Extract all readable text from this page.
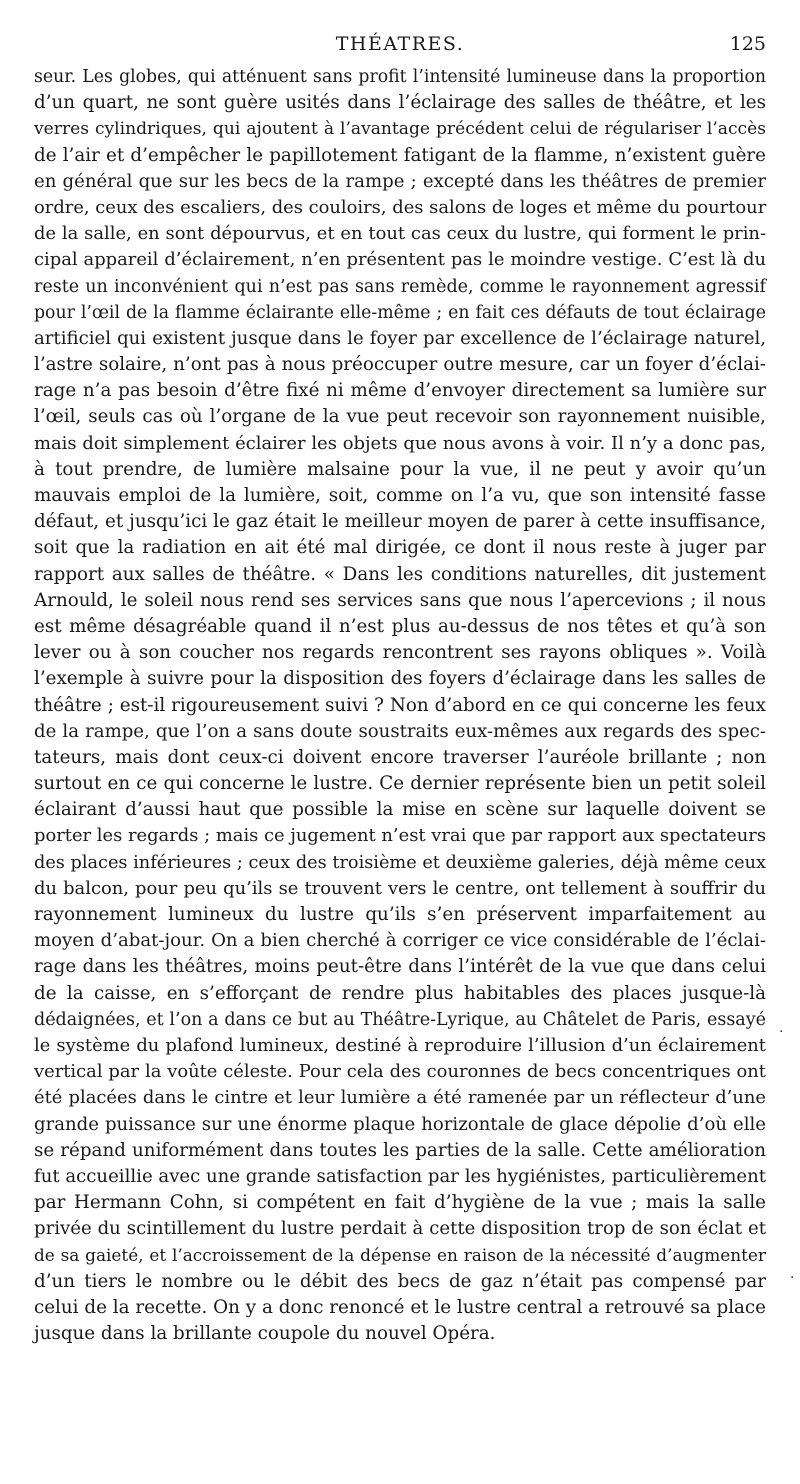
THÉATRES.	125
seur. Les globes, qui atténuent sans profit l’intensité lumineuse dans la proportion
d’un quart, ne sont guère usités dans l’éclairage des salles de théâtre, et les
verres cylindriques, qui ajoutent à l’avantage précédent celui de régulariser l’accès
de l’air et d’empêcher le papillotement fatigant de la flamme, n’existent guère
en général que sur les becs de la rampe ; excepté dans les théâtres de premier
ordre, ceux des escaliers, des couloirs, des salons de loges et même du pourtour
de la salle, en sont dépourvus, et en tout cas ceux du lustre, qui forment le prin-
cipal appareil d’éclairement, n’en présentent pas le moindre vestige. C’est là du
reste un inconvénient qui n’est pas sans remède, comme le rayonnement agressif
pour l’œil de la flamme éclairante elle-même ; en fait ces défauts de tout éclairage
artificiel qui existent jusque dans le foyer par excellence de l’éclairage naturel,
l’astre solaire, n’ont pas à nous préoccuper outre mesure, car un foyer d’éclai-
rage n’a pas besoin d’être fixé ni même d’envoyer directement sa lumière sur
l’œil, seuls cas où l’organe de la vue peut recevoir son rayonnement nuisible,
mais doit simplement éclairer les objets que nous avons à voir. Il n’y a donc pas,
à tout prendre, de lumière malsaine pour la vue, il ne peut y avoir qu’un
mauvais emploi de la lumière, soit, comme on l’a vu, que son intensité fasse
défaut, et jusqu’ici le gaz était le meilleur moyen de parer à cette insuffisance,
soit que la radiation en ait été mal dirigée, ce dont il nous reste à juger par
rapport aux salles de théâtre. « Dans les conditions naturelles, dit justement
Arnould, le soleil nous rend ses services sans que nous l’apercevions ; il nous
est même désagréable quand il n’est plus au-dessus de nos têtes et qu’à son
lever ou à son coucher nos regards rencontrent ses rayons obliques ». Voilà
l’exemple à suivre pour la disposition des foyers d’éclairage dans les salles de
théâtre ; est-il rigoureusement suivi ? Non d’abord en ce qui concerne les feux
de la rampe, que l’on a sans doute soustraits eux-mêmes aux regards des spec-
tateurs, mais dont ceux-ci doivent encore traverser l’auréole brillante ; non
surtout en ce qui concerne le lustre. Ce dernier représente bien un petit soleil
éclairant d’aussi haut que possible la mise en scène sur laquelle doivent se
porter les regards ; mais ce jugement n’est vrai que par rapport aux spectateurs
des places inférieures ; ceux des troisième et deuxième galeries, déjà même ceux
du balcon, pour peu qu’ils se trouvent vers le centre, ont tellement à souffrir du
rayonnement lumineux du lustre qu’ils s’en préservent imparfaitement au
moyen d’abat-jour. On a bien cherché à corriger ce vice considérable de l’éclai-
rage dans les théâtres, moins peut-être dans l’intérêt de la vue que dans celui
de la caisse, en s’efforçant de rendre plus habitables des places jusque-là
dédaignées, et l’on a dans ce but au Théâtre-Lyrique, au Châtelet de Paris, essayé
le système du plafond lumineux, destiné à reproduire l’illusion d’un éclairement
vertical par la voûte céleste. Pour cela des couronnes de becs concentriques ont
été placées dans le cintre et leur lumière a été ramenée par un réflecteur d’une
grande puissance sur une énorme plaque horizontale de glace dépolie d’où elle
se répand uniformément dans toutes les parties de la salle. Cette amélioration
fut accueillie avec une grande satisfaction par les hygiénistes, particulièrement
par Hermann Cohn, si compétent en fait d’hygiène de la vue ; mais la salle
privée du scintillement du lustre perdait à cette disposition trop de son éclat et
de sa gaieté, et l’accroissement de la dépense en raison de la nécessité d’augmenter
d’un tiers le nombre ou le débit des becs de gaz n’était pas compensé par
celui de la recette. On y a donc renoncé et le lustre central a retrouvé sa place
jusque dans la brillante coupole du nouvel Opéra.
·
·
